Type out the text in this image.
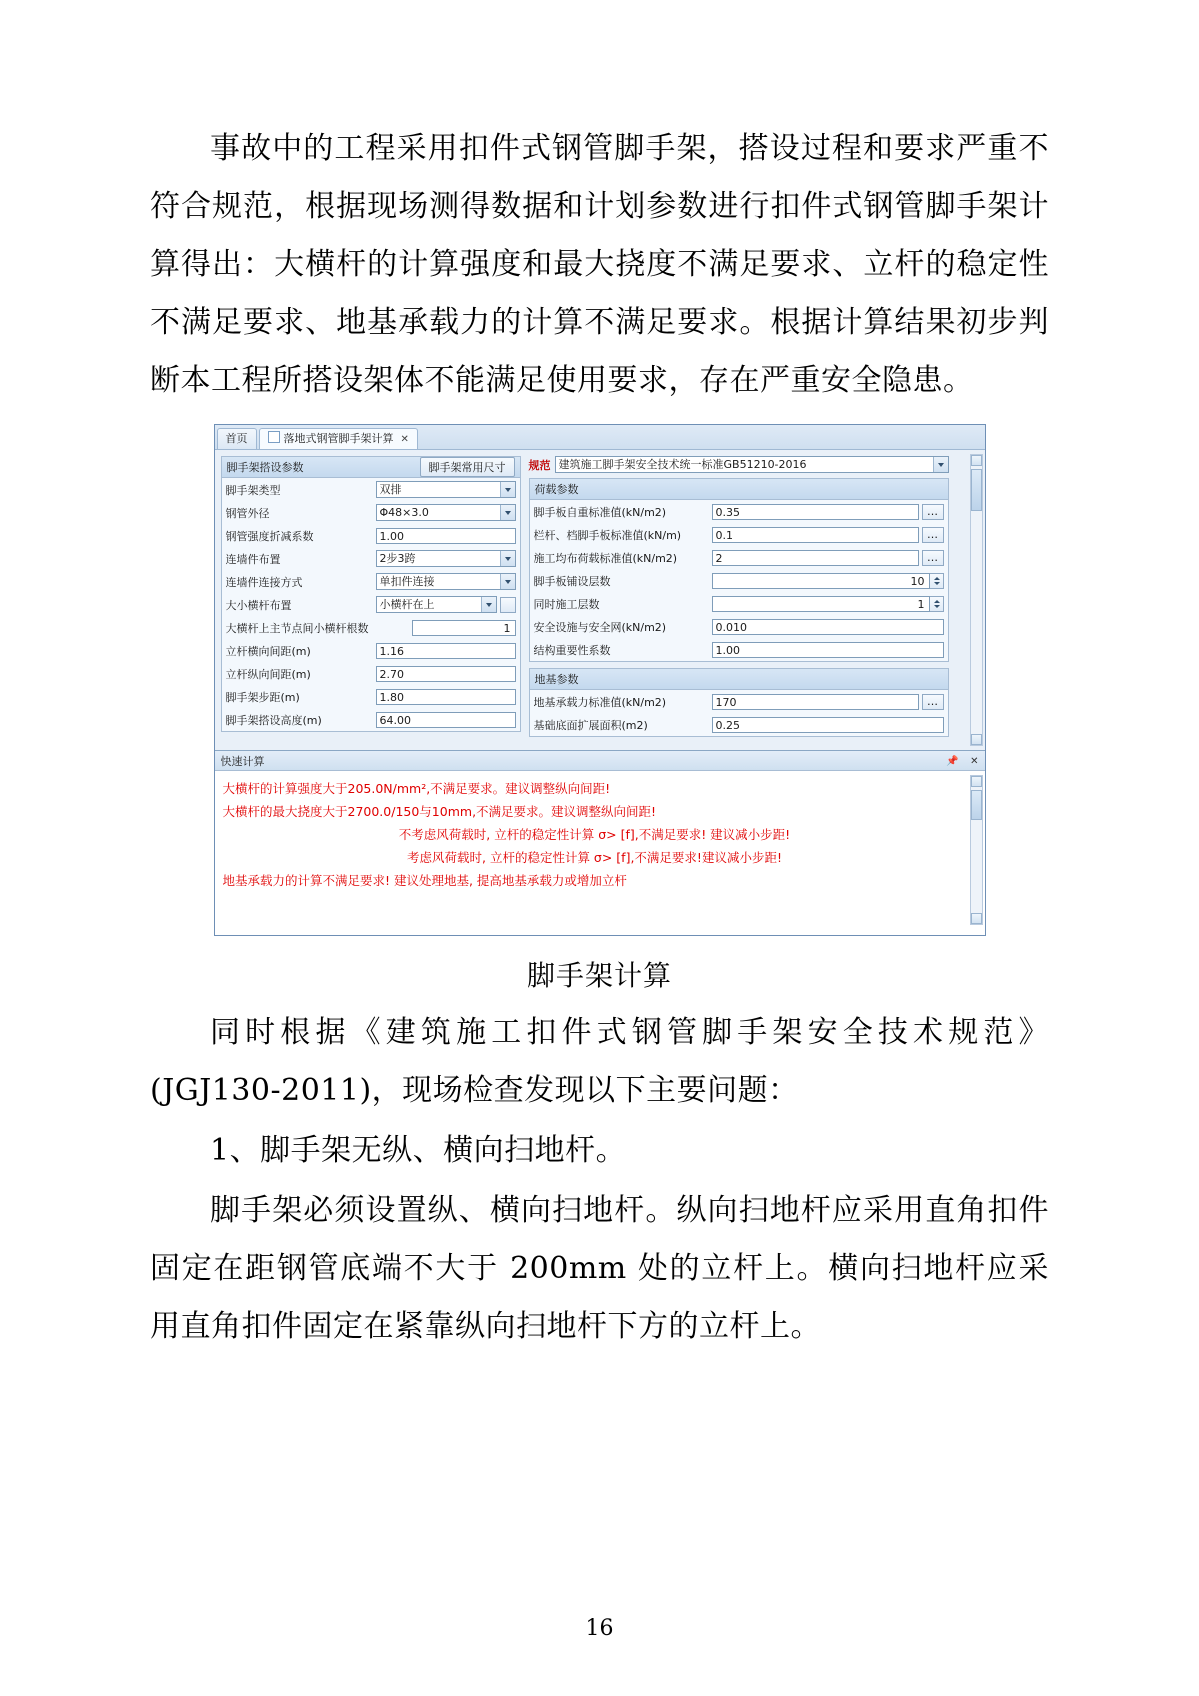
事故中的工程采用扣件式钢管脚手架，搭设过程和要求严重不符合规范，根据现场测得数据和计划参数进行扣件式钢管脚手架计算得出：大横杆的计算强度和最大挠度不满足要求、立杆的稳定性不满足要求、地基承载力的计算不满足要求。根据计算结果初步判断本工程所搭设架体不能满足使用要求，存在严重安全隐患。

首页	落地式钢管脚手架计算 ✕
脚手架搭设参数	脚手架常用尺寸
脚手架类型	双排
钢管外径	Φ48×3.0
钢管强度折减系数	1.00
连墙件布置	2步3跨
连墙件连接方式	单扣件连接
大小横杆布置	小横杆在上
大横杆上主节点间小横杆根数	1
立杆横向间距(m)	1.16
立杆纵向间距(m)	2.70
脚手架步距(m)	1.80
脚手架搭设高度(m)	64.00
规范 建筑施工脚手架安全技术统一标准GB51210-2016
荷载参数
脚手板自重标准值(kN/m2)	0.35	…
栏杆、档脚手板标准值(kN/m)	0.1	…
施工均布荷载标准值(kN/m2)	2	…
脚手板铺设层数	10
同时施工层数	1
安全设施与安全网(kN/m2)	0.010
结构重要性系数	1.00
地基参数
地基承载力标准值(kN/m2)	170	…
基础底面扩展面积(m2)	0.25
快速计算	📌 ✕
大横杆的计算强度大于205.0N/mm²,不满足要求。建议调整纵向间距!
大横杆的最大挠度大于2700.0/150与10mm,不满足要求。建议调整纵向间距!
不考虑风荷载时, 立杆的稳定性计算 σ> [f],不满足要求! 建议减小步距!
考虑风荷载时, 立杆的稳定性计算 σ> [f],不满足要求!建议减小步距!
地基承载力的计算不满足要求! 建议处理地基, 提高地基承载力或增加立杆
脚手架计算

同时根据《建筑施工扣件式钢管脚手架安全技术规范》(JGJ130-2011)，现场检查发现以下主要问题：

1、脚手架无纵、横向扫地杆。

脚手架必须设置纵、横向扫地杆。纵向扫地杆应采用直角扣件固定在距钢管底端不大于 200mm 处的立杆上。横向扫地杆应采用直角扣件固定在紧靠纵向扫地杆下方的立杆上。

16
